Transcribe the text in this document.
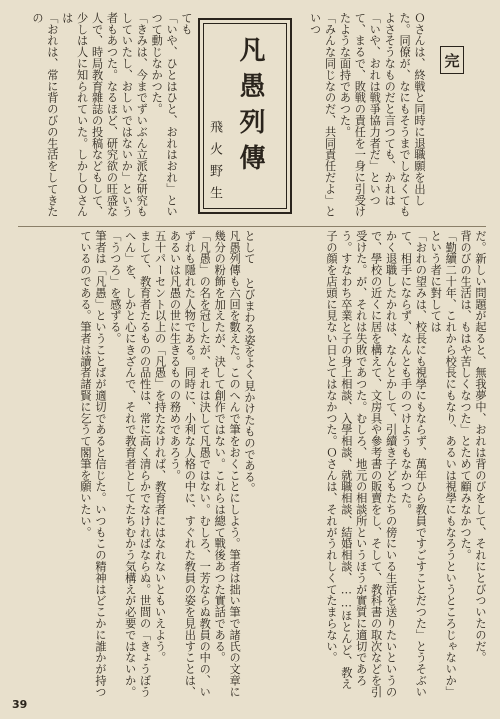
Ｏさんは、終戦と同時に退職願を出した。同僚が、なにもそうまでしなくてもよさそうなものだと言つても、かれは
「いや、おれは戦爭協力者だ」といつて、まるで、敗戦の責任を一身に引受けたような面持であつた。
「みんな同じなのだ、共同責任だよ」といつ
完
凡愚列傳
飛火野生
ても
「いや、ひとはひと、おれはおれ」といつて動じなかつた。
「きみは、今までずいぶん立派な研究もしていたし、おしいではないか」という者もあつた。なるほど、研究欲の旺盛な人で、時局教育雜誌の投稿などもして、少しは人に知られていた。しかしＯさんは
「おれは、常に背のびの生活をしてきたの
だ。新しい問題が起ると、無我夢中、おれは背のびをして、それにとびついたのだ。
背のびの生活は、もはや苦しくなつた」とためて顧みなかつた。
「勤續二十年、これから校長にもなり、あるいは視學にもなろうというところじゃないか」という者に對しては
「おれの望みは、校長にも視學にもならず、萬年ひら教員ですごすことだつた」とうそぶいて、相手にならず、なんとも手のつけようもなかつた。
かく退職したかれは、なんとかして、引續き子どもたちの傍にいる生活を送りたいというので、學校の近くに居を構えて、文房具や參考書の販賣をし、そして、教科書の取次などを引受けた。が、それは失敗であつた。むしろ、地元の相談所というほうが實質に適切であろう。すなわち卒業と子の身上相談、入學相談、就職相談、結婚相談、……ほとんど、教え子の顔を店頭に見ない日とてはなかつた。Ｏさんは、それがうれしくてたまらない。
として とびまわる姿をよく見かけたものである。
凡愚列傳も六回を數えた。このへんで筆をおくことにしよう。筆者は拙い筆で諸氏の文章に幾分の粉飾を加えたが、決して創作ではない。これらは總て戰後あつた實話である。
「凡愚」の名を冠したが、それは決して凡愚ではない。むしろ、一芳ならぬ教員の中の、いずれも隱れた人物である。同時に、小利な人格の中に、すぐれた敎員の姿を見出すことは、あるいは凡愚の世に生きるものの務めであろう。
五十パーセント以上の「凡愚」を持たなければ、教育者にはなれないともいえよう。
まして、教育者たるものの品性は、常に高く清らかでなければならぬ。世間の「きょうぼうへん」を、しかと心にきざんで、それで教育者としてたちむかう気構えが必要ではないか。
「うつろ」を感ずる。
筆者は「凡愚」ということばが適切であると信じた。いつもこの精神はどこかに誰かが持つているのである。筆者は讀者諸賢に乞うて閣筆を願いたい。
39
